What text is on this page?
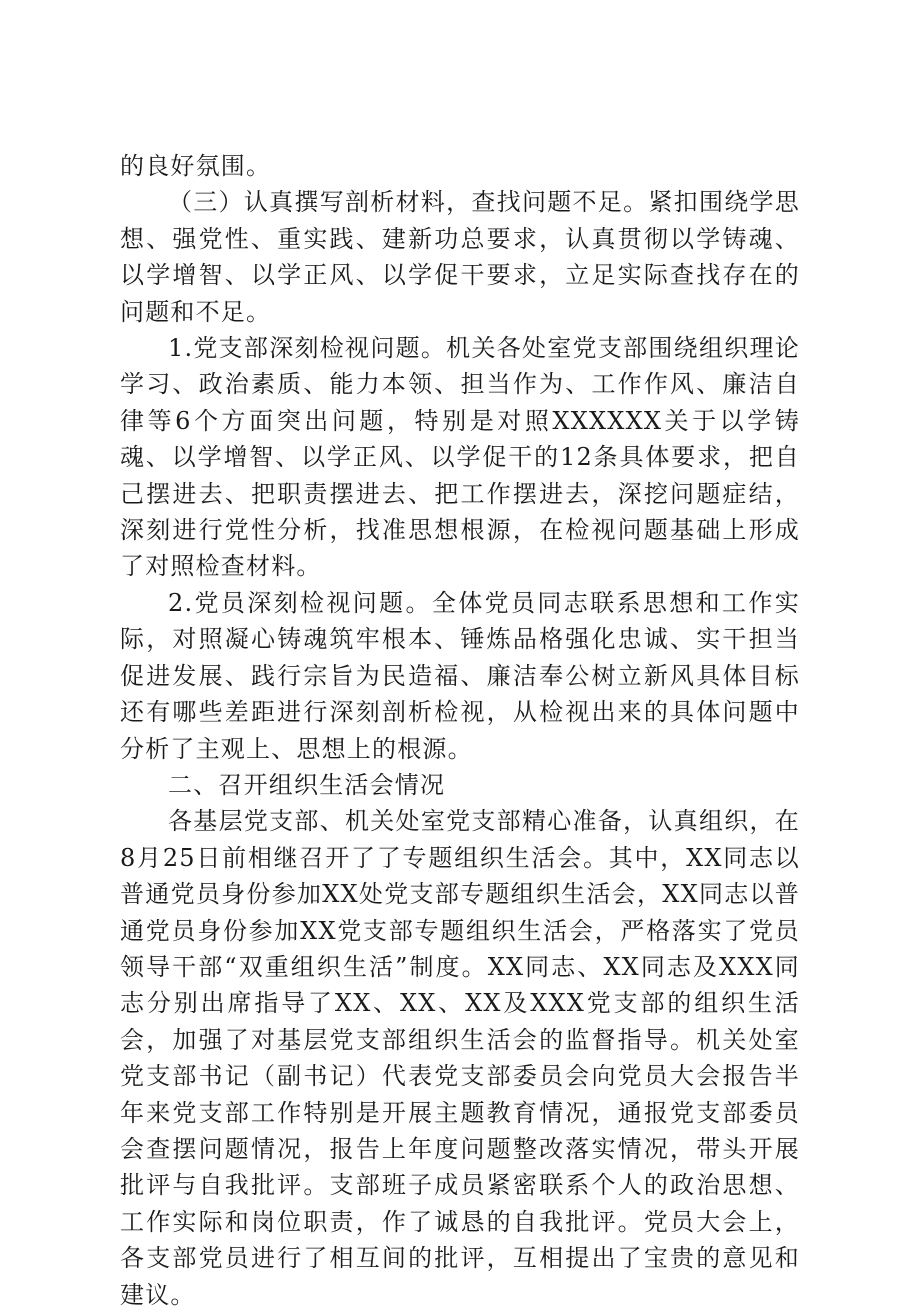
的良好氛围。

（三）认真撰写剖析材料，查找问题不足。紧扣围绕学思想、强党性、重实践、建新功总要求，认真贯彻以学铸魂、以学增智、以学正风、以学促干要求，立足实际查找存在的问题和不足。

1.党支部深刻检视问题。机关各处室党支部围绕组织理论学习、政治素质、能力本领、担当作为、工作作风、廉洁自律等6个方面突出问题，特别是对照XXXXXX关于以学铸魂、以学增智、以学正风、以学促干的12条具体要求，把自己摆进去、把职责摆进去、把工作摆进去，深挖问题症结，深刻进行党性分析，找准思想根源，在检视问题基础上形成了对照检查材料。

2.党员深刻检视问题。全体党员同志联系思想和工作实际，对照凝心铸魂筑牢根本、锤炼品格强化忠诚、实干担当促进发展、践行宗旨为民造福、廉洁奉公树立新风具体目标还有哪些差距进行深刻剖析检视，从检视出来的具体问题中分析了主观上、思想上的根源。

二、召开组织生活会情况

各基层党支部、机关处室党支部精心准备，认真组织，在8月25日前相继召开了了专题组织生活会。其中，XX同志以普通党员身份参加XX处党支部专题组织生活会，XX同志以普通党员身份参加XX党支部专题组织生活会，严格落实了党员领导干部“双重组织生活”制度。XX同志、XX同志及XXX同志分别出席指导了XX、XX、XX及XXX党支部的组织生活会，加强了对基层党支部组织生活会的监督指导。机关处室党支部书记（副书记）代表党支部委员会向党员大会报告半年来党支部工作特别是开展主题教育情况，通报党支部委员会查摆问题情况，报告上年度问题整改落实情况，带头开展批评与自我批评。支部班子成员紧密联系个人的政治思想、工作实际和岗位职责，作了诚恳的自我批评。党员大会上，各支部党员进行了相互间的批评，互相提出了宝贵的意见和建议。
